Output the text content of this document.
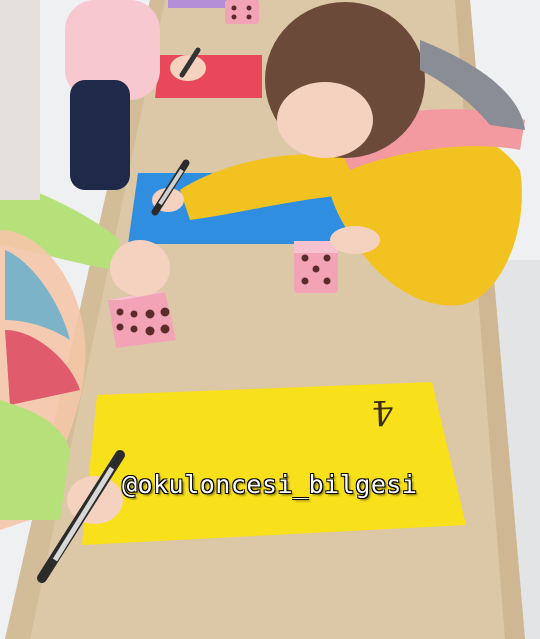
4
@okuloncesi_bilgesi
